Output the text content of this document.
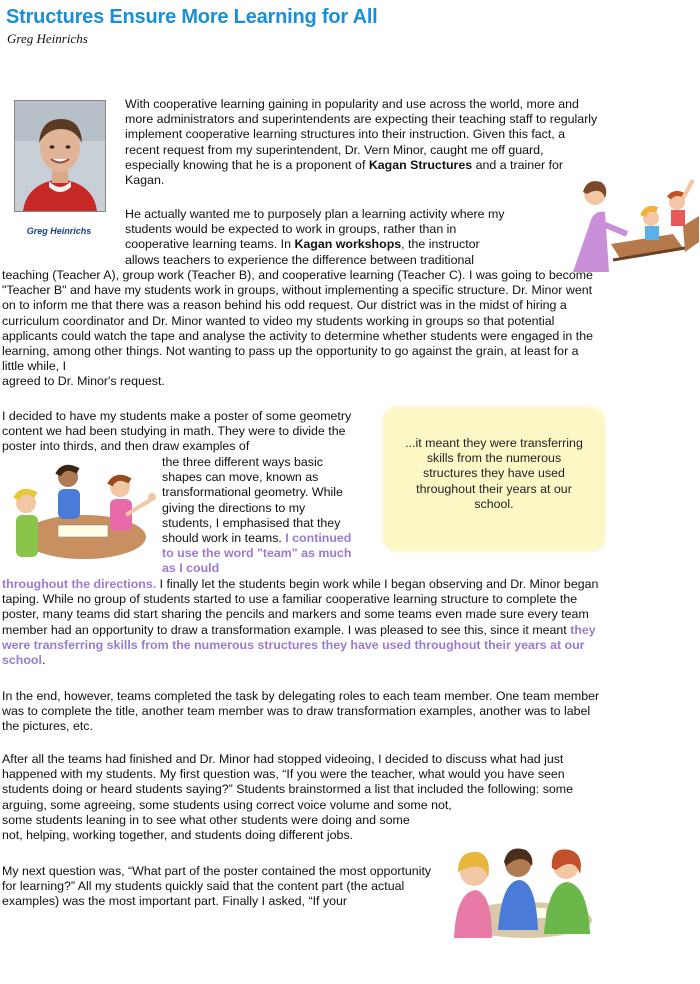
Structures Ensure More Learning for All
Greg Heinrichs
Greg Heinrichs

With cooperative learning gaining in popularity and use across the world, more and more administrators and superintendents are expecting their teaching staff to regularly implement cooperative learning structures into their instruction. Given this fact, a recent request from my superintendent, Dr. Vern Minor, caught me off guard, especially knowing that he is a proponent of Kagan Structures and a trainer for Kagan.

He actually wanted me to purposely plan a learning activity where my
students would be expected to work in groups, rather than in
cooperative learning teams. In Kagan workshops, the instructor
allows teachers to experience the difference between traditional

teaching (Teacher A), group work (Teacher B), and cooperative learning (Teacher C). I was going to become "Teacher B" and have my students work in groups, without implementing a specific structure. Dr. Minor went on to inform me that there was a reason behind his odd request. Our district was in the midst of hiring a curriculum coordinator and Dr. Minor wanted to video my students working in groups so that potential applicants could watch the tape and analyse the activity to determine whether students were engaged in the learning, among other things. Not wanting to pass up the opportunity to go against the grain, at least for a little while, I
agreed to Dr. Minor's request.

I decided to have my students make a poster of some geometry content we had been studying in math. They were to divide the poster into thirds, and then draw examples of

the three different ways basic shapes can move, known as transformational geometry. While giving the directions to my students, I emphasised that they should work in teams. I continued to use the word "team" as much as I could

...it meant they were transferring skills from the numerous structures they have used throughout their years at our school.

throughout the directions. I finally let the students begin work while I began observing and Dr. Minor began taping. While no group of students started to use a familiar cooperative learning structure to complete the poster, many teams did start sharing the pencils and markers and some teams even made sure every team member had an opportunity to draw a transformation example. I was pleased to see this, since it meant they were transferring skills from the numerous structures they have used throughout their years at our school.

In the end, however, teams completed the task by delegating roles to each team member. One team member was to complete the title, another team member was to draw transformation examples, another was to label the pictures, etc.

After all the teams had finished and Dr. Minor had stopped videoing, I decided to discuss what had just happened with my students. My first question was, “If you were the teacher, what would you have seen students doing or heard students saying?” Students brainstormed a list that included the following: some arguing, some agreeing, some students using correct voice volume and some not,
some students leaning in to see what other students were doing and some
not, helping, working together, and students doing different jobs.

My next question was, “What part of the poster contained the most opportunity for learning?” All my students quickly said that the content part (the actual examples) was the most important part. Finally I asked, “If your
